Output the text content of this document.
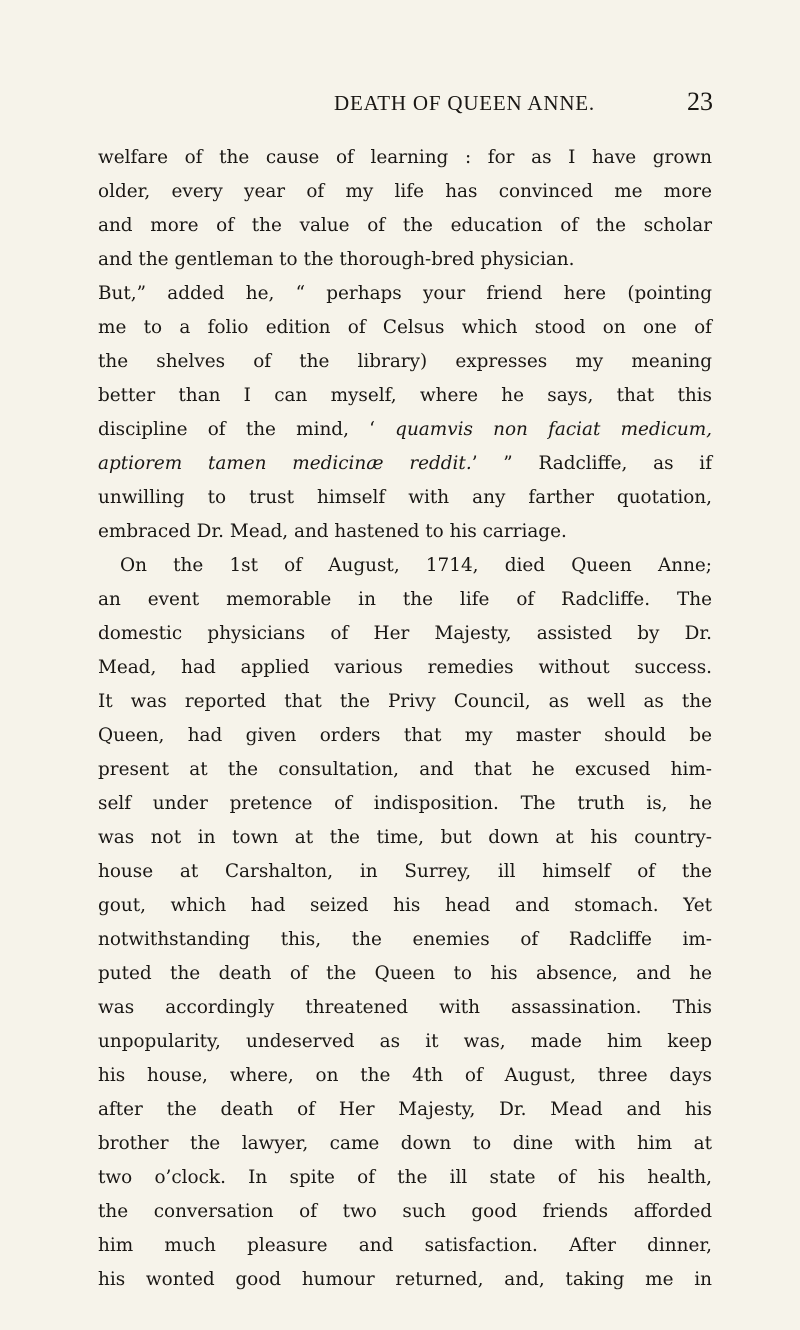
DEATH OF QUEEN ANNE.	23
welfare of the cause of learning : for as I have grown
older, every year of my life has convinced me more
and more of the value of the education of the scholar
and the gentleman to the thorough-bred physician.
But,” added he, “ perhaps your friend here (pointing
me to a folio edition of Celsus which stood on one of
the shelves of the library) expresses my meaning
better than I can myself, where he says, that this
discipline of the mind, ‘ quamvis non faciat medicum,
aptiorem tamen medicinæ reddit.’ ” Radcliffe, as if
unwilling to trust himself with any farther quotation,
embraced Dr. Mead, and hastened to his carriage.
On the 1st of August, 1714, died Queen Anne;
an event memorable in the life of Radcliffe. The
domestic physicians of Her Majesty, assisted by Dr.
Mead, had applied various remedies without success.
It was reported that the Privy Council, as well as the
Queen, had given orders that my master should be
present at the consultation, and that he excused him-
self under pretence of indisposition. The truth is, he
was not in town at the time, but down at his country-
house at Carshalton, in Surrey, ill himself of the
gout, which had seized his head and stomach. Yet
notwithstanding this, the enemies of Radcliffe im-
puted the death of the Queen to his absence, and he
was accordingly threatened with assassination. This
unpopularity, undeserved as it was, made him keep
his house, where, on the 4th of August, three days
after the death of Her Majesty, Dr. Mead and his
brother the lawyer, came down to dine with him at
two o’clock. In spite of the ill state of his health,
the conversation of two such good friends afforded
him much pleasure and satisfaction. After dinner,
his wonted good humour returned, and, taking me in
